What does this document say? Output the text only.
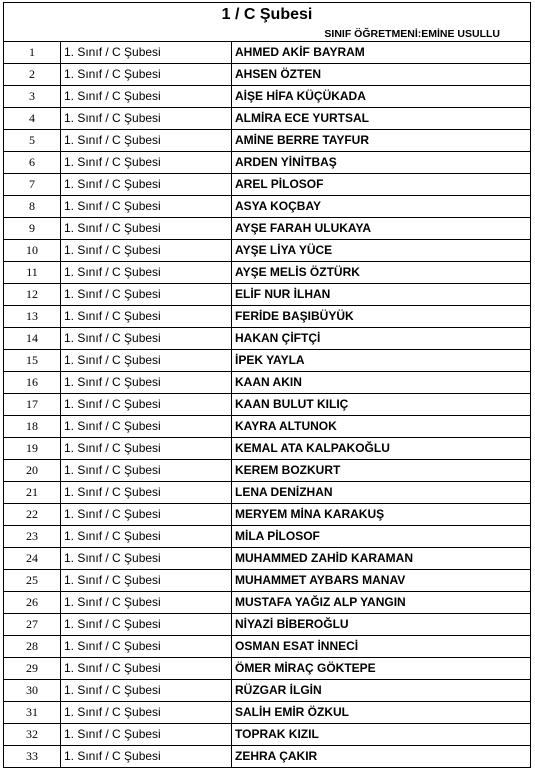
1 / C Şubesi		
SINIF ÖĞRETMENİ:EMİNE USULLU		
1	1. Sınıf / C Şubesi	AHMED AKİF BAYRAM
2	1. Sınıf / C Şubesi	AHSEN ÖZTEN
3	1. Sınıf / C Şubesi	AİŞE HİFA KÜÇÜKADA
4	1. Sınıf / C Şubesi	ALMİRA ECE YURTSAL
5	1. Sınıf / C Şubesi	AMİNE BERRE TAYFUR
6	1. Sınıf / C Şubesi	ARDEN YİNİTBAŞ
7	1. Sınıf / C Şubesi	AREL PİLOSOF
8	1. Sınıf / C Şubesi	ASYA KOÇBAY
9	1. Sınıf / C Şubesi	AYŞE FARAH ULUKAYA
10	1. Sınıf / C Şubesi	AYŞE LİYA YÜCE
11	1. Sınıf / C Şubesi	AYŞE MELİS ÖZTÜRK
12	1. Sınıf / C Şubesi	ELİF NUR İLHAN
13	1. Sınıf / C Şubesi	FERİDE BAŞIBÜYÜK
14	1. Sınıf / C Şubesi	HAKAN ÇİFTÇİ
15	1. Sınıf / C Şubesi	İPEK YAYLA
16	1. Sınıf / C Şubesi	KAAN AKIN
17	1. Sınıf / C Şubesi	KAAN BULUT KILIÇ
18	1. Sınıf / C Şubesi	KAYRA ALTUNOK
19	1. Sınıf / C Şubesi	KEMAL ATA KALPAKOĞLU
20	1. Sınıf / C Şubesi	KEREM BOZKURT
21	1. Sınıf / C Şubesi	LENA DENİZHAN
22	1. Sınıf / C Şubesi	MERYEM MİNA KARAKUŞ
23	1. Sınıf / C Şubesi	MİLA PİLOSOF
24	1. Sınıf / C Şubesi	MUHAMMED ZAHİD KARAMAN
25	1. Sınıf / C Şubesi	MUHAMMET AYBARS MANAV
26	1. Sınıf / C Şubesi	MUSTAFA YAĞIZ ALP YANGIN
27	1. Sınıf / C Şubesi	NİYAZİ BİBEROĞLU
28	1. Sınıf / C Şubesi	OSMAN ESAT İNNECİ
29	1. Sınıf / C Şubesi	ÖMER MİRAÇ GÖKTEPE
30	1. Sınıf / C Şubesi	RÜZGAR İLGİN
31	1. Sınıf / C Şubesi	SALİH EMİR ÖZKUL
32	1. Sınıf / C Şubesi	TOPRAK KIZIL
33	1. Sınıf / C Şubesi	ZEHRA ÇAKIR
